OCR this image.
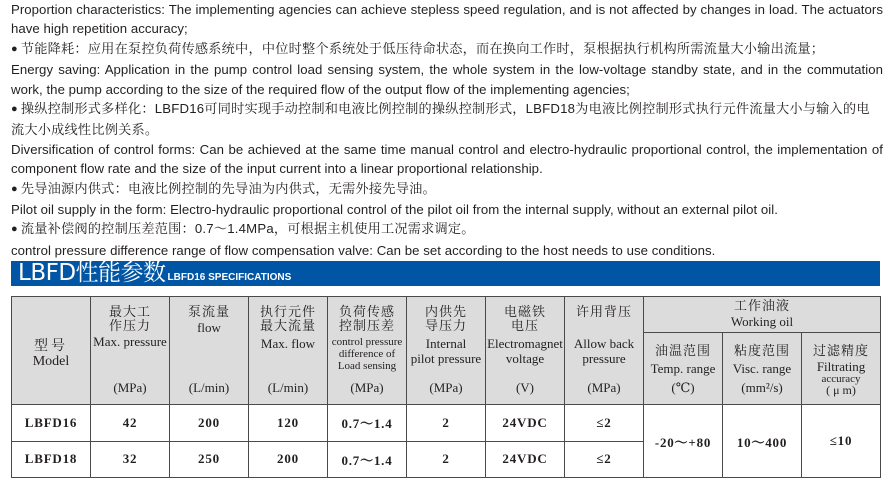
Proportion characteristics: The implementing agencies can achieve stepless speed regulation, and is not affected by changes in load. The actuators have high repetition accuracy;

● 节能降耗：应用在泵控负荷传感系统中，中位时整个系统处于低压待命状态，而在换向工作时，泵根据执行机构所需流量大小输出流量；

Energy saving: Application in the pump control load sensing system, the whole system in the low-voltage standby state, and in the commutation work, the pump according to the size of the required flow of the output flow of the implementing agencies;

● 操纵控制形式多样化：LBFD16可同时实现手动控制和电液比例控制的操纵控制形式，LBFD18为电液比例控制形式执行元件流量大小与输入的电流大小成线性比例关系。

Diversification of control forms: Can be achieved at the same time manual control and electro-hydraulic proportional control, the implementation of component flow rate and the size of the input current into a linear proportional relationship.

● 先导油源内供式：电液比例控制的先导油为内供式，无需外接先导油。

Pilot oil supply in the form: Electro-hydraulic proportional control of the pilot oil from the internal supply, without an external pilot oil.

● 流量补偿阀的控制压差范围：0.7～1.4MPa，可根据主机使用工况需求调定。

control pressure difference range of flow compensation valve: Can be set according to the host needs to use conditions.

LBFD性能参数 LBFD16 SPECIFICATIONS
型号
Model

最大工
作压力
Max. pressure
(MPa)

泵流量
flow
(L/min)

执行元件
最大流量
Max. flow
(L/min)

负荷传感
控制压差
control pressure
difference of
Load sensing
(MPa)

内供先
导压力
Internal
pilot pressure
(MPa)

电磁铁
电压
Electromagnet
voltage
(V)

许用背压
Allow back
pressure
(MPa)

工作油液
Working oil

油温范围
Temp. range
(℃)

粘度范围
Visc. range
(mm²/s)

过滤精度
Filtrating
accuracy
( μ m)

LBFD16	42	200	120	0.7～1.4	2	24VDC	≤2	-20～+80	10～400	≤10
LBFD18	32	250	200	0.7～1.4	2	24VDC	≤2			
